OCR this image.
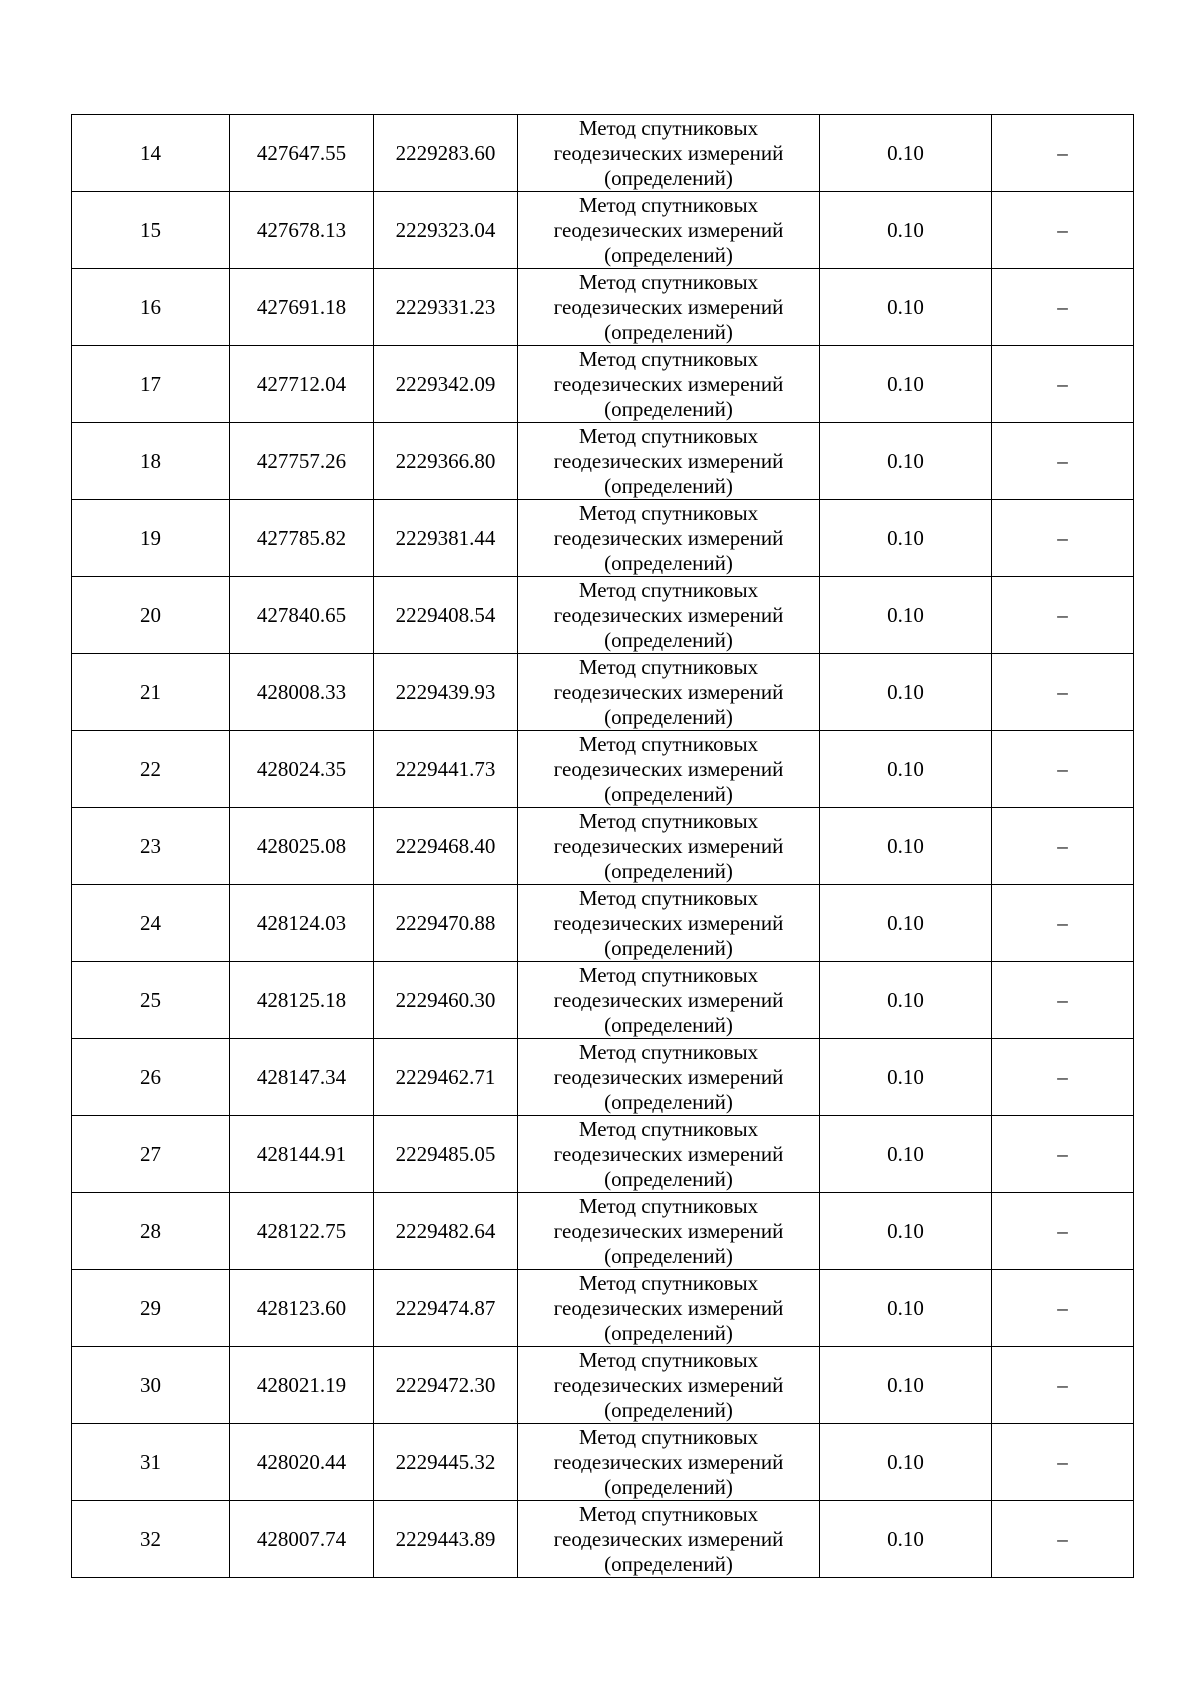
14	427647.55	2229283.60	Метод спутниковых геодезических измерений (определений)	0.10	–
15	427678.13	2229323.04	Метод спутниковых геодезических измерений (определений)	0.10	–
16	427691.18	2229331.23	Метод спутниковых геодезических измерений (определений)	0.10	–
17	427712.04	2229342.09	Метод спутниковых геодезических измерений (определений)	0.10	–
18	427757.26	2229366.80	Метод спутниковых геодезических измерений (определений)	0.10	–
19	427785.82	2229381.44	Метод спутниковых геодезических измерений (определений)	0.10	–
20	427840.65	2229408.54	Метод спутниковых геодезических измерений (определений)	0.10	–
21	428008.33	2229439.93	Метод спутниковых геодезических измерений (определений)	0.10	–
22	428024.35	2229441.73	Метод спутниковых геодезических измерений (определений)	0.10	–
23	428025.08	2229468.40	Метод спутниковых геодезических измерений (определений)	0.10	–
24	428124.03	2229470.88	Метод спутниковых геодезических измерений (определений)	0.10	–
25	428125.18	2229460.30	Метод спутниковых геодезических измерений (определений)	0.10	–
26	428147.34	2229462.71	Метод спутниковых геодезических измерений (определений)	0.10	–
27	428144.91	2229485.05	Метод спутниковых геодезических измерений (определений)	0.10	–
28	428122.75	2229482.64	Метод спутниковых геодезических измерений (определений)	0.10	–
29	428123.60	2229474.87	Метод спутниковых геодезических измерений (определений)	0.10	–
30	428021.19	2229472.30	Метод спутниковых геодезических измерений (определений)	0.10	–
31	428020.44	2229445.32	Метод спутниковых геодезических измерений (определений)	0.10	–
32	428007.74	2229443.89	Метод спутниковых геодезических измерений (определений)	0.10	–
